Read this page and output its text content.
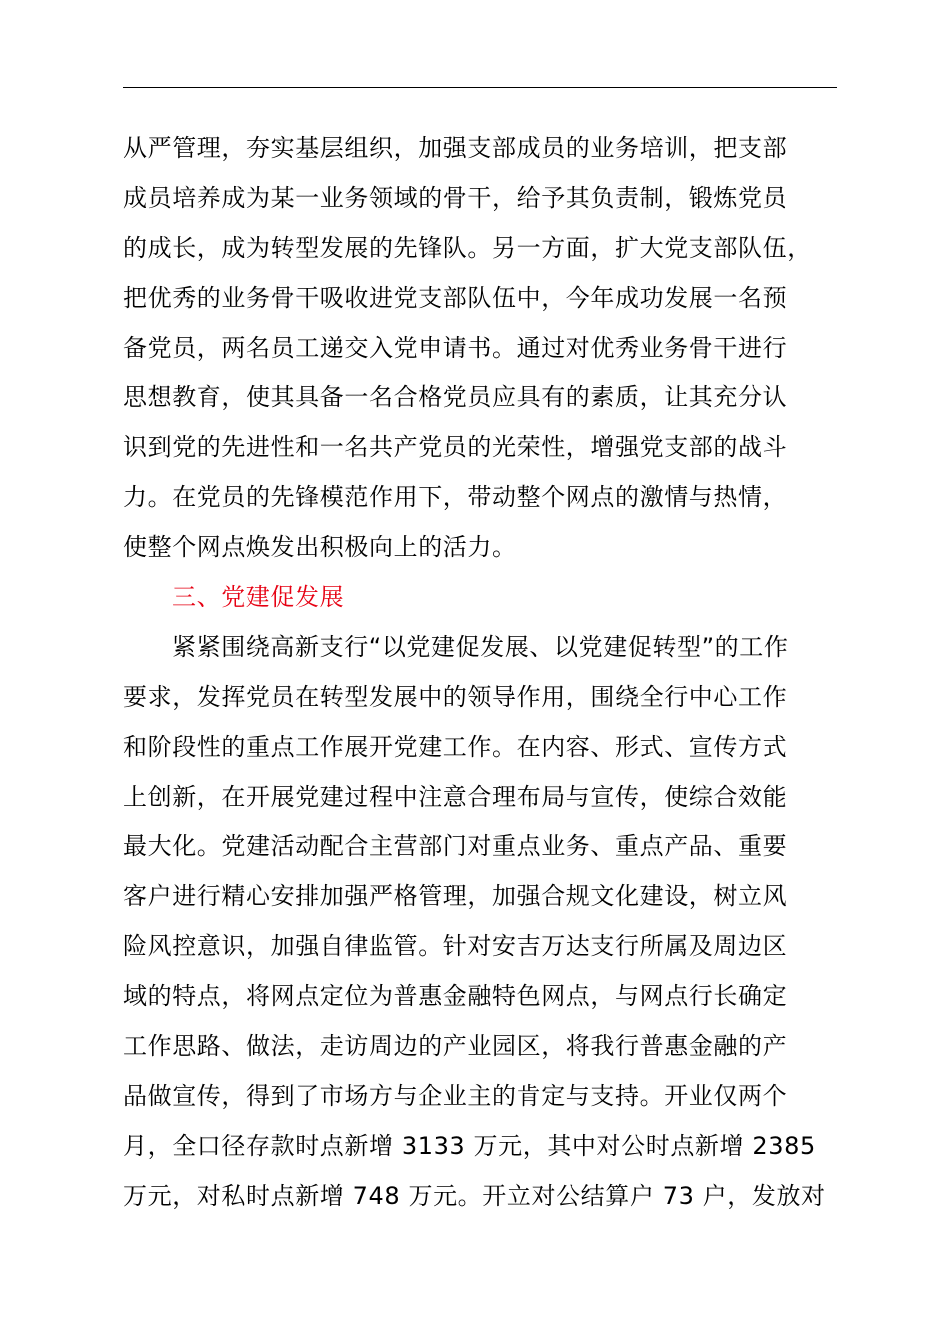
从严管理，夯实基层组织，加强支部成员的业务培训，把支部
成员培养成为某一业务领域的骨干，给予其负责制，锻炼党员
的成长，成为转型发展的先锋队。另一方面，扩大党支部队伍，
把优秀的业务骨干吸收进党支部队伍中，今年成功发展一名预
备党员，两名员工递交入党申请书。通过对优秀业务骨干进行
思想教育，使其具备一名合格党员应具有的素质，让其充分认
识到党的先进性和一名共产党员的光荣性，增强党支部的战斗
力。在党员的先锋模范作用下，带动整个网点的激情与热情，
使整个网点焕发出积极向上的活力。
三、党建促发展
紧紧围绕高新支行“以党建促发展、以党建促转型”的工作
要求，发挥党员在转型发展中的领导作用，围绕全行中心工作
和阶段性的重点工作展开党建工作。在内容、形式、宣传方式
上创新，在开展党建过程中注意合理布局与宣传，使综合效能
最大化。党建活动配合主营部门对重点业务、重点产品、重要
客户进行精心安排加强严格管理，加强合规文化建设，树立风
险风控意识，加强自律监管。针对安吉万达支行所属及周边区
域的特点，将网点定位为普惠金融特色网点，与网点行长确定
工作思路、做法，走访周边的产业园区，将我行普惠金融的产
品做宣传，得到了市场方与企业主的肯定与支持。开业仅两个
月，全口径存款时点新增 3133 万元，其中对公时点新增 2385
万元，对私时点新增 748 万元。开立对公结算户 73 户，发放对
